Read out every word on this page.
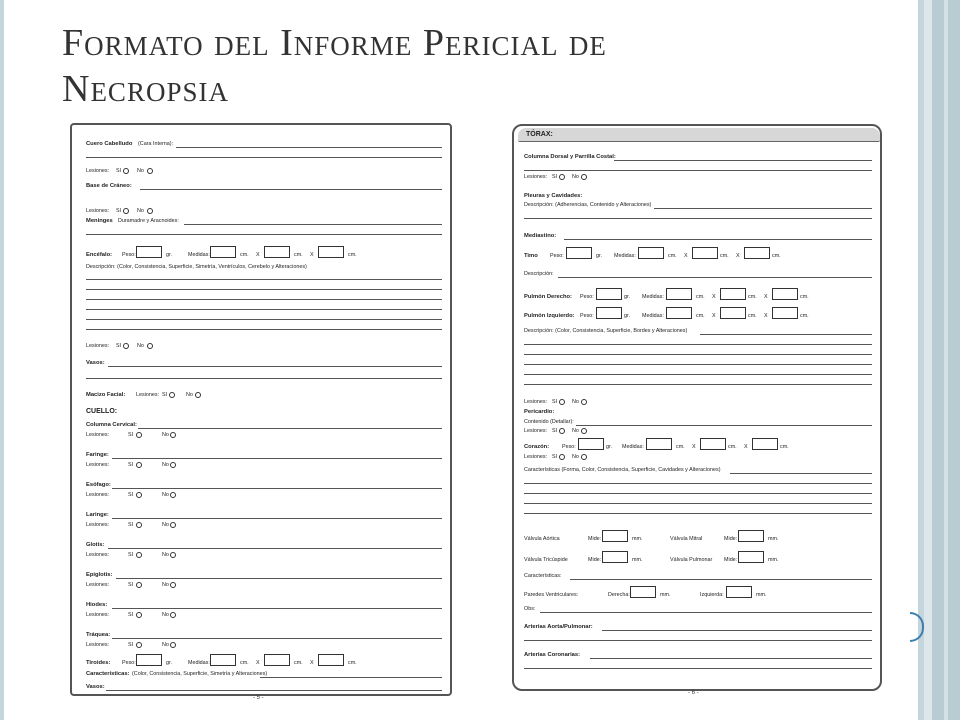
Formato del Informe Pericial de
Necropsia
Cuero Cabelludo (Cara Interna):
Lesiones: SI	No
Base de Cráneo:
Lesiones: SI	No
Meninges Duramadre y Aracnoides:
Encéfalo: Peso:	gr.	Medidas:	cm. X	cm. X	cm.
Descripción: (Color, Consistencia, Superficie, Simetría, Ventrículos, Cerebelo y Alteraciones)
Lesiones: SI	No
Vasos:
Macizo Facial: Lesiones: SI	No
CUELLO:
Columna Cervical:
Lesiones:	SI	No
Faringe:
Lesiones:	SI	No
Esófago:
Lesiones:	SI	No
Laringe:
Lesiones:	SI	No
Glotis:
Lesiones:	SI	No
Epiglotis:
Lesiones:	SI	No
Hiodes:
Lesiones:	SI	No
Tráquea:
Lesiones:	SI	No
Tiroides: Peso:	gr.	Medidas:	cm. X	cm. X	cm.
Características: (Color, Consistencia, Superficie, Simetría y Alteraciones)
Vasos:
- 5 -
TÓRAX:
Columna Dorsal y Parrilla Costal:
Lesiones: SI	No
Pleuras y Cavidades:
Descripción: (Adherencias, Contenido y Alteraciones)
Mediastino:
Timo Peso:	gr. Medidas:	cm. X	cm. X	cm.
Descripción:
Pulmón Derecho: Peso:	gr. Medidas:	cm. X	cm. X	cm.
Pulmón Izquierdo: Peso:	gr. Medidas:	cm. X	cm. X	cm.
Descripción: (Color, Consistencia, Superficie, Bordes y Alteraciones)
Lesiones: SI	No
Pericardio:
Contenido (Detallar):
Lesiones: SI	No
Corazón: Peso:	gr. Medidas:	cm. X	cm. X	cm.
Lesiones: SI	No
Características (Forma, Color, Consistencia, Superficie, Cavidades y Alteraciones)
Válvula Aórtica	Mide:	mm.	Válvula Mitral	Mide:	mm.
Válvula Tricúspide	Mide:	mm.	Válvula Pulmonar Mide:	mm.
Características:
Paredes Ventriculares:	Derecha:	mm.	Izquierda:	mm.
Obs:
Arterias Aorta/Pulmonar:
Arterias Coronarias:
- 6 -
